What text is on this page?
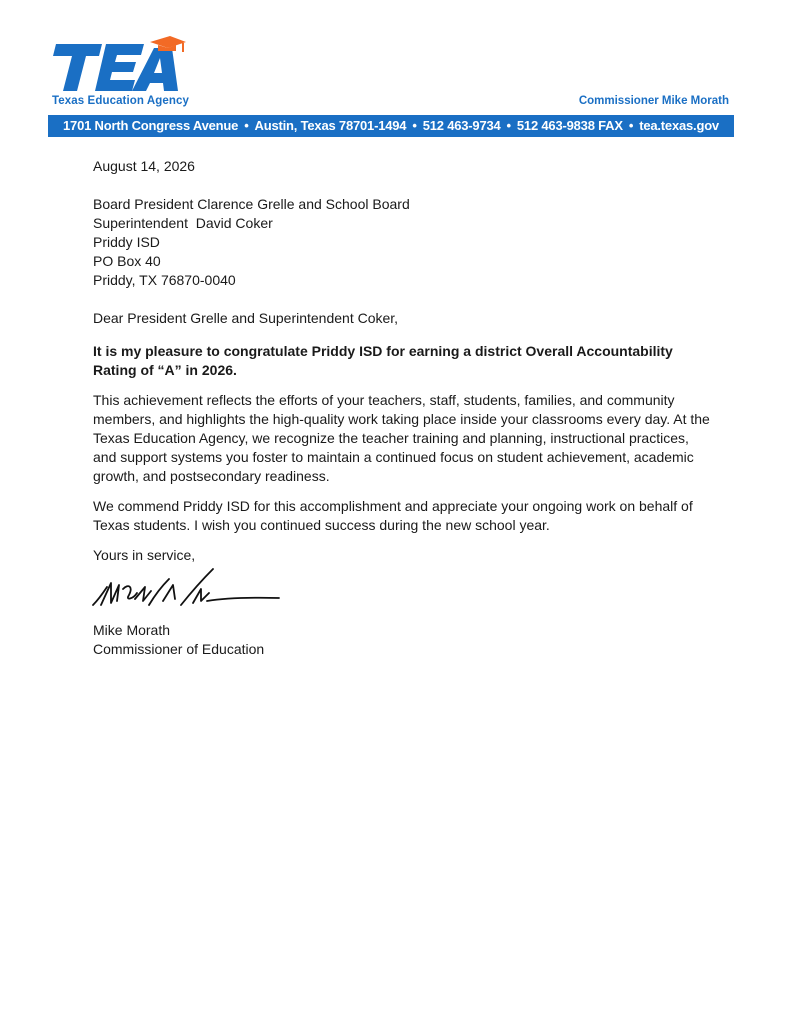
Texas Education Agency	Commissioner Mike Morath
1701 North Congress Avenue • Austin, Texas 78701-1494 • 512 463-9734 • 512 463-9838 FAX • tea.texas.gov

August 14, 2026

Board President Clarence Grelle and School Board
Superintendent  David Coker
Priddy ISD
PO Box 40
Priddy, TX 76870-0040

Dear President Grelle and Superintendent Coker,

It is my pleasure to congratulate Priddy ISD for earning a district Overall Accountability Rating of “A” in 2026.

This achievement reflects the efforts of your teachers, staff, students, families, and community members, and highlights the high-quality work taking place inside your classrooms every day. At the Texas Education Agency, we recognize the teacher training and planning, instructional practices, and support systems you foster to maintain a continued focus on student achievement, academic growth, and postsecondary readiness.

We commend Priddy ISD for this accomplishment and appreciate your ongoing work on behalf of Texas students. I wish you continued success during the new school year.

Yours in service,

Mike Morath
Commissioner of Education
